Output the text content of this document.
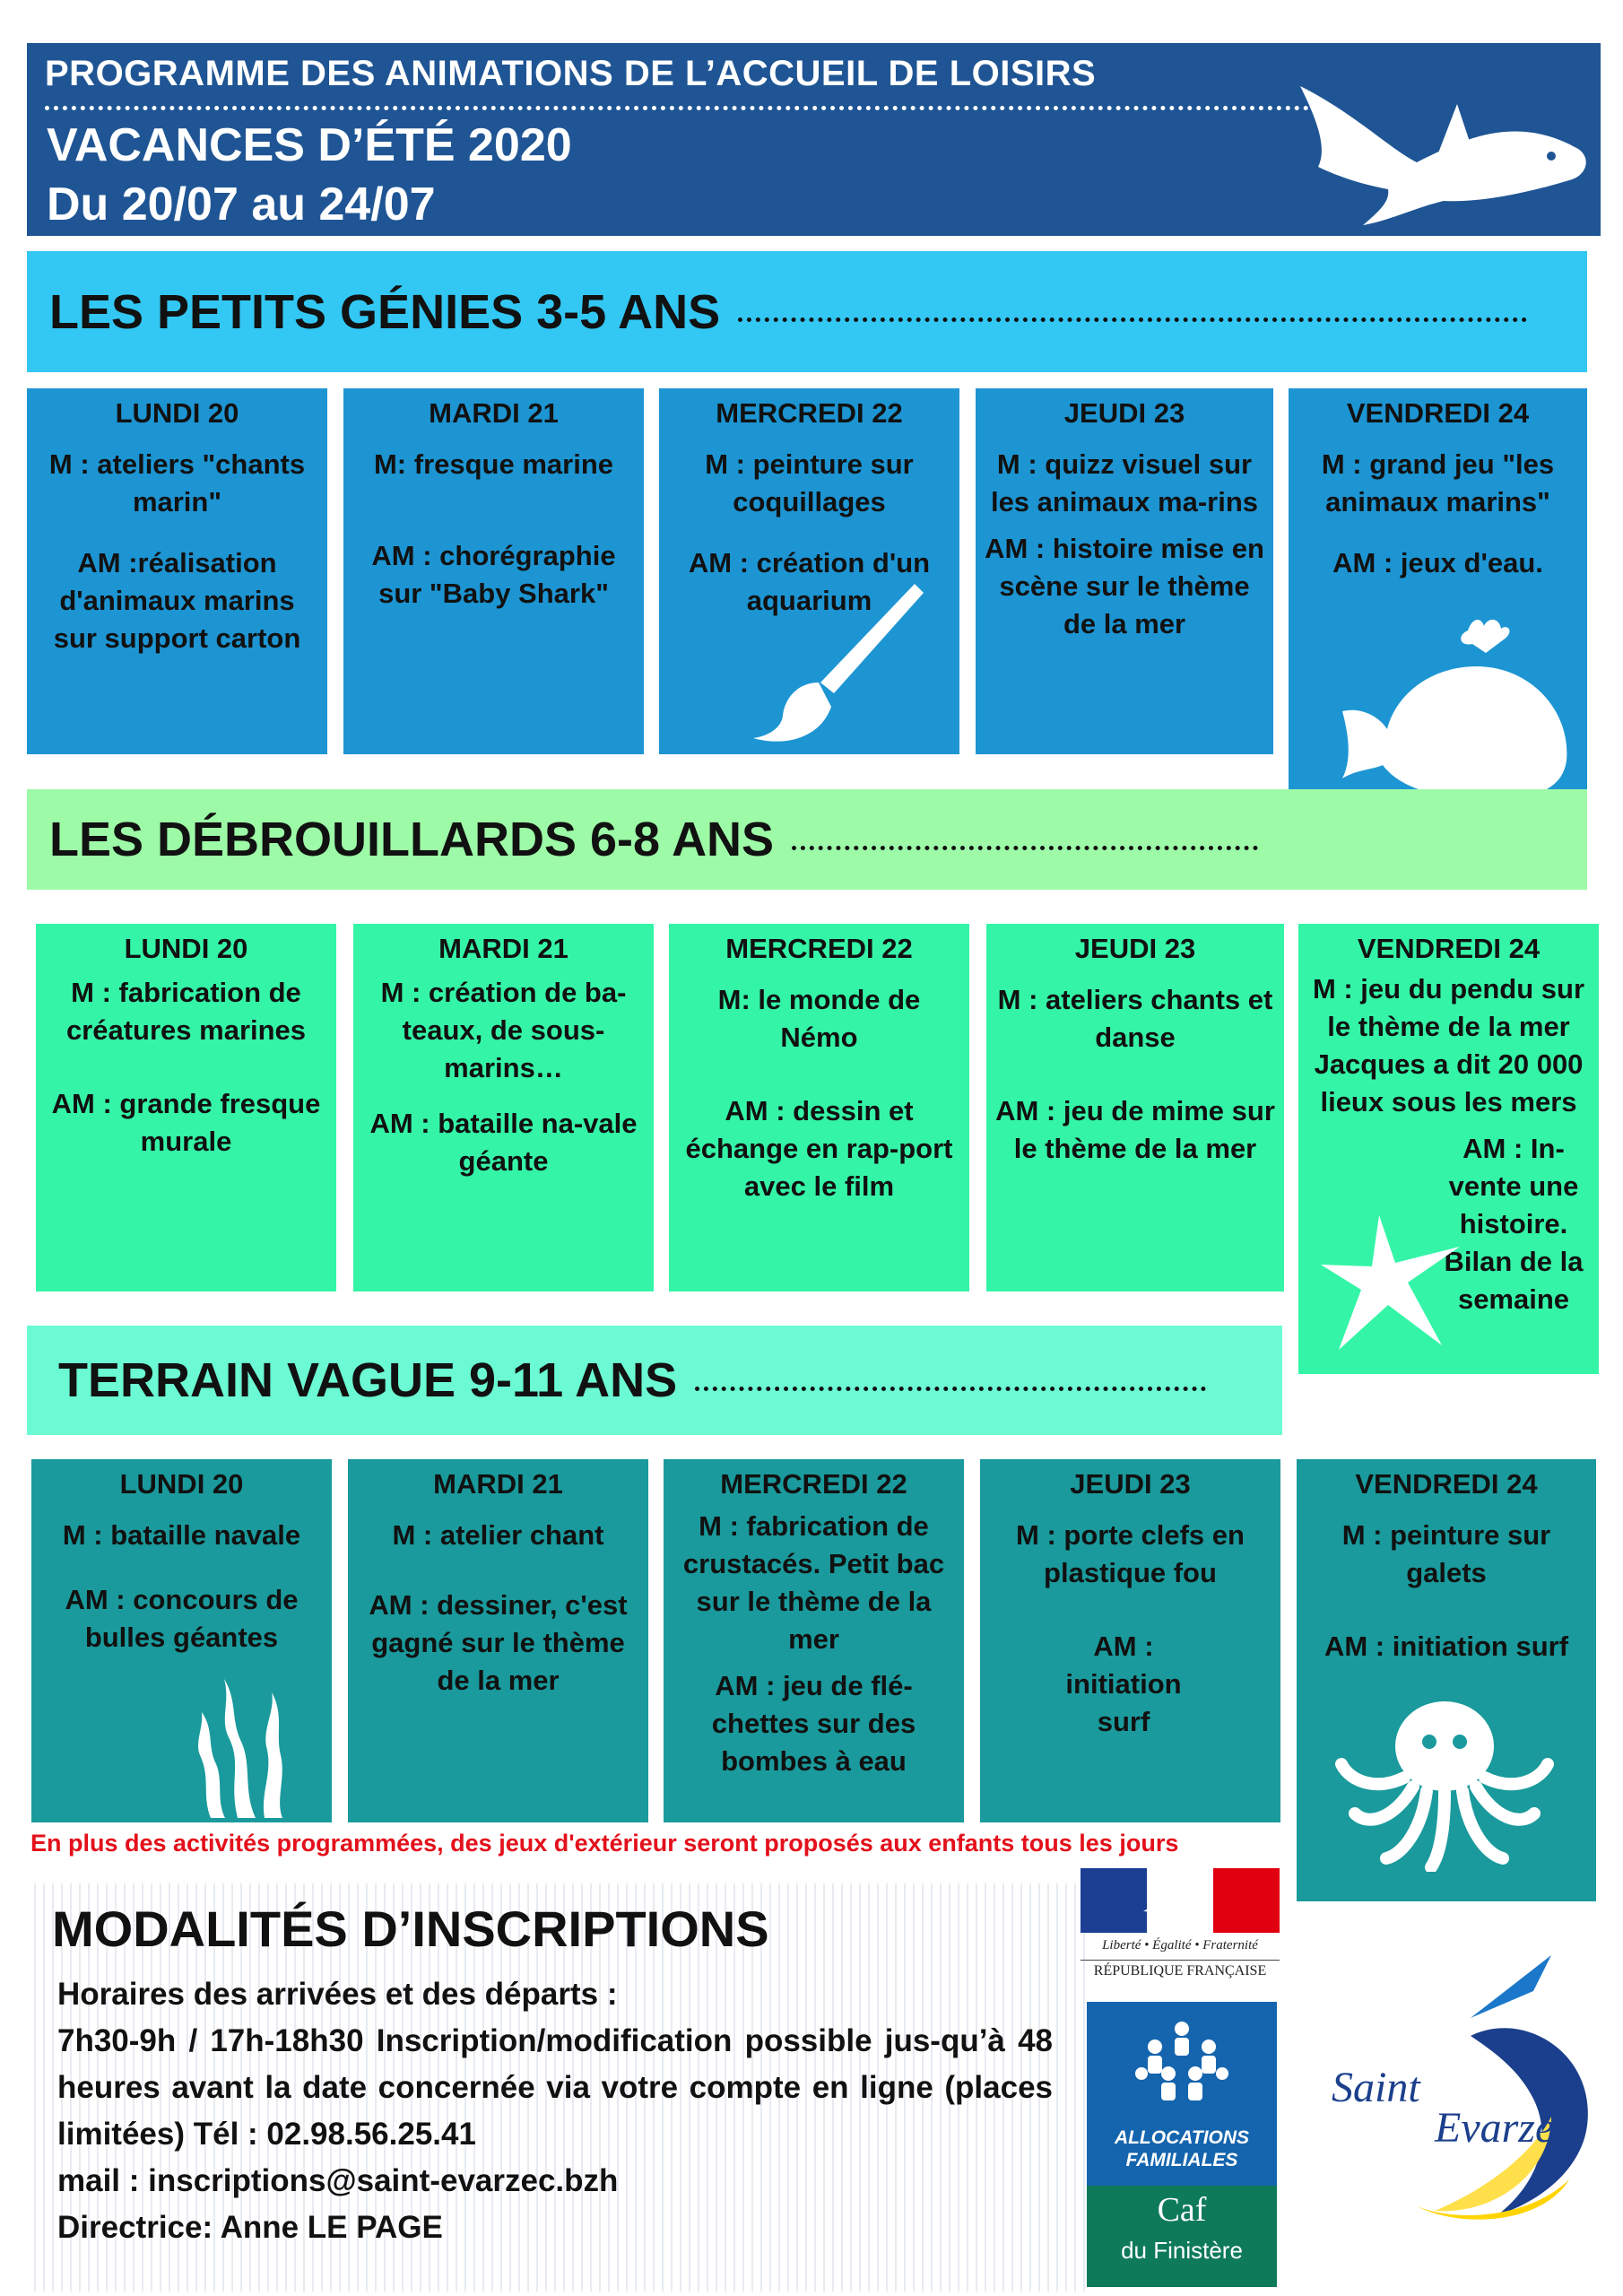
PROGRAMME DES ANIMATIONS DE L’ACCUEIL DE LOISIRS
VACANCES D’ÉTÉ 2020
Du 20/07 au 24/07
LES PETITS GÉNIES 3-5 ANS
LUNDI 20

M : ateliers "chants marin"

AM :réalisation d'animaux marins sur support carton

MARDI 21

M: fresque marine

AM : chorégraphie sur "Baby Shark"

MERCREDI 22

M : peinture sur coquillages

AM : création d'un aquarium

JEUDI 23

M : quizz visuel sur les animaux ma-rins

AM : histoire mise en scène sur le thème de la mer

VENDREDI 24

M : grand jeu "les animaux marins"

AM : jeux d'eau.

LES DÉBROUILLARDS 6-8 ANS
LUNDI 20

M : fabrication de créatures marines

AM : grande fresque murale

MARDI 21

M : création de ba-teaux, de sous-marins…

AM : bataille na-vale géante

MERCREDI 22

M: le monde de Némo

AM : dessin et échange en rap-port avec le film

JEUDI 23

M : ateliers chants et danse

AM : jeu de mime sur le thème de la mer

VENDREDI 24

M : jeu du pendu sur le thème de la mer Jacques a dit 20 000 lieux sous les mers

AM : In-vente une histoire. Bilan de la semaine

TERRAIN VAGUE 9-11 ANS
LUNDI 20

M : bataille navale

AM : concours de bulles géantes

MARDI 21

M : atelier chant

AM : dessiner, c'est gagné sur le thème de la mer

MERCREDI 22

M : fabrication de crustacés. Petit bac sur le thème de la mer

AM : jeu de flé-chettes sur des bombes à eau

JEUDI 23

M : porte clefs en plastique fou

AM : initiation surf

VENDREDI 24

M : peinture sur galets

AM : initiation surf

En plus des activités programmées, des jeux d'extérieur seront proposés aux enfants tous les jours
MODALITÉS D’INSCRIPTIONS
Horaires des arrivées et des départs :
7h30-9h / 17h-18h30 Inscription/modification possible jus-qu’à 48 heures avant la date concernée via votre compte en ligne (places limitées) Tél : 02.98.56.25.41
mail : inscriptions@saint-evarzec.bzh
Directrice: Anne LE PAGE
Liberté • Égalité • Fraternité
RÉPUBLIQUE FRANÇAISE
ALLOCATIONS
FAMILIALES
Caf
du Finistère
Saint
Evarzec
